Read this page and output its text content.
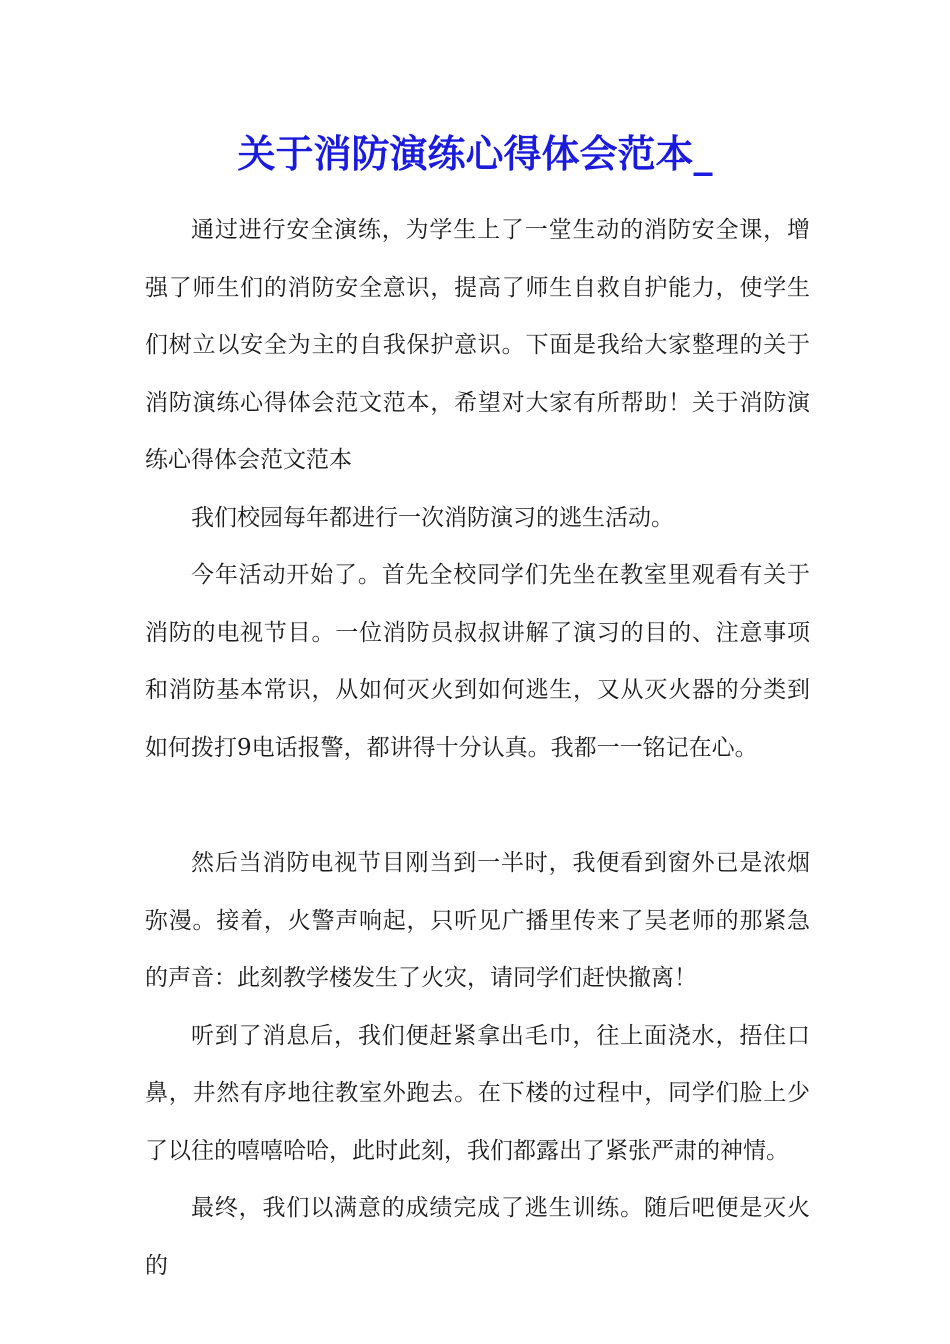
关于消防演练心得体会范本_

通过进行安全演练，为学生上了一堂生动的消防安全课，增强了师生们的消防安全意识，提高了师生自救自护能力，使学生们树立以安全为主的自我保护意识。下面是我给大家整理的关于消防演练心得体会范文范本，希望对大家有所帮助！关于消防演练心得体会范文范本

我们校园每年都进行一次消防演习的逃生活动。

今年活动开始了。首先全校同学们先坐在教室里观看有关于消防的电视节目。一位消防员叔叔讲解了演习的目的、注意事项和消防基本常识，从如何灭火到如何逃生，又从灭火器的分类到如何拨打9电话报警，都讲得十分认真。我都一一铭记在心。

然后当消防电视节目刚当到一半时，我便看到窗外已是浓烟弥漫。接着，火警声响起，只听见广播里传来了吴老师的那紧急的声音：此刻教学楼发生了火灾，请同学们赶快撤离！

听到了消息后，我们便赶紧拿出毛巾，往上面浇水，捂住口鼻，井然有序地往教室外跑去。在下楼的过程中，同学们脸上少了以往的嘻嘻哈哈，此时此刻，我们都露出了紧张严肃的神情。

最终，我们以满意的成绩完成了逃生训练。随后吧便是灭火的
